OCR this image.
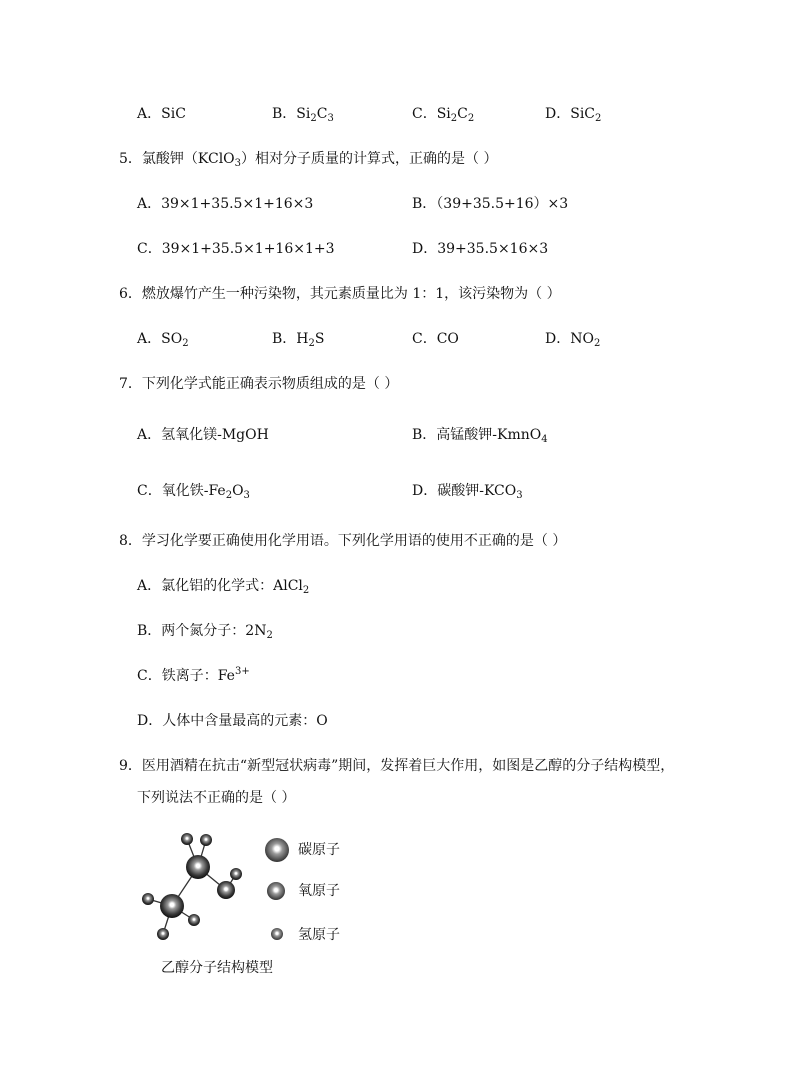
A．SiC	B．$Si_2C_3$	C．$Si_2C_2$	D．SiC$_2$
5．氯酸钾（KClO$_3$）相对分子质量的计算式，正确的是（ ）
A．39×1+35.5×1+16×3	B．（39+35.5+16）×3
C．39×1+35.5×1+16×1+3	D．39+35.5×16×3
6．燃放爆竹产生一种污染物，其元素质量比为 1：1，该污染物为（ ）
A．$SO_2$	B．$H_2S$	C．CO	D．$NO_2$
7．下列化学式能正确表示物质组成的是（ ）
A．氢氧化镁-MgOH	B．高锰酸钾-KmnO$_4$
C．氧化铁$-Fe_2O_3$	D．碳酸钾$-KCO_3$
8．学习化学要正确使用化学用语。下列化学用语的使用不正确的是（ ）
A．氯化铝的化学式：AlCl$_2$
B．两个氮分子：$2N_2$
C．铁离子：$Fe^{3+}$
D．人体中含量最高的元素：O
9．医用酒精在抗击“新型冠状病毒”期间，发挥着巨大作用，如图是乙醇的分子结构模型，
下列说法不正确的是（ ）
碳原子
氧原子
氢原子
乙醇分子结构模型
